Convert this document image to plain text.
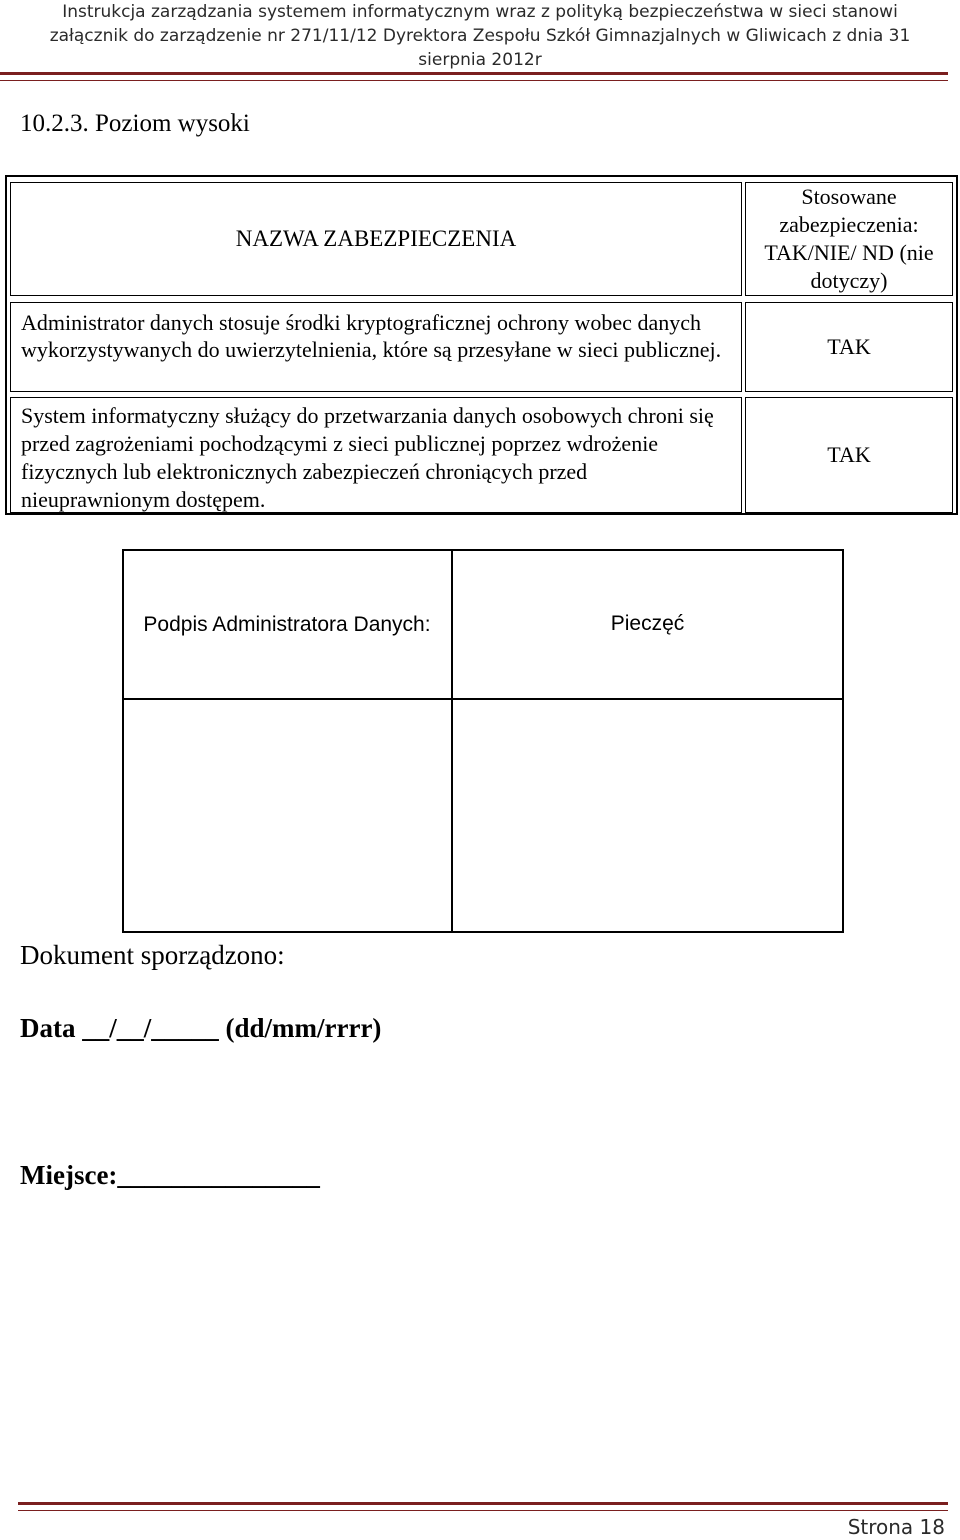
Instrukcja zarządzania systemem informatycznym wraz z polityką bezpieczeństwa w sieci stanowi
załącznik do zarządzenie nr 271/11/12 Dyrektora Zespołu Szkół Gimnazjalnych w Gliwicach z dnia 31
sierpnia 2012r
10.2.3. Poziom wysoki
NAZWA ZABEZPIECZENIA
Stosowane zabezpieczenia: TAK/NIE/ ND (nie dotyczy)
Administrator danych stosuje środki kryptograficznej ochrony wobec danych wykorzystywanych do uwierzytelnienia, które są przesyłane w sieci publicznej.	TAK
System informatyczny służący do przetwarzania danych osobowych chroni się przed zagrożeniami pochodzącymi z sieci publicznej poprzez wdrożenie fizycznych lub elektronicznych zabezpieczeń chroniących przed nieuprawnionym dostępem.
TAK
Podpis Administratora Danych:	Pieczęć
Dokument sporządzono:
Data __/__/_____ (dd/mm/rrrr)
Miejsce:_______________
Strona 18
